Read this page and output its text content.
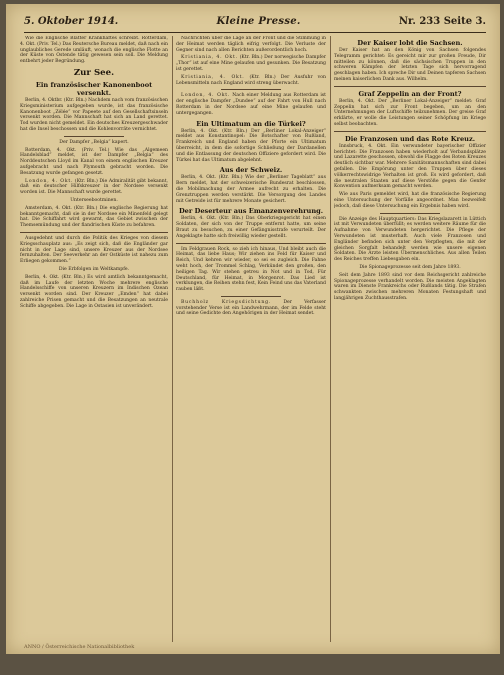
5. Oktober 1914.	Kleine Presse.	Nr. 233 Seite 3.

Wie die Englische Blätter Krankhaftes schreibt. Rotterdam, 4. Okt. (Priv. Tel.) Das Reutersche Bureau meldet, daß nach ein unglaubliches Gerede umläuft, wonach die englische Flotte an der Küste von Ostende tätig gewesen sein soll. Die Meldung entbehrt jeder Begründung.

Zur See.
Ein französischer Kanonenboot versenkt.

Berlin, 4. Oktbr. (Ktr. Bln.) Nachdem nach vom französischen Kriegsministerium aufgegeben wurde, ist das französische Kanonenboot „Zélée“ vor Papeete auf den Gesellschaftsinseln versenkt worden. Die Mannschaft hat sich an Land gerettet. Tod wurden nicht gemeldet. Ein deutsches Kreuzergeschwader hat die Insel beschossen und die Kohlenvorräte vernichtet.

Der Dampfer „Belgia“ kapert.

Rotterdam, 4. Okt. (Priv. Tel.) Wie das „Algemeen Handelsblad“ meldet, ist der Dampfer „Belgia“ des Norddeutschen Lloyd im Kanal von einem englischen Kreuzer aufgebracht und nach Plymouth gebracht worden. Die Besatzung wurde gefangen gesetzt.

London, 4. Okt. (Ktr. Bln.) Die Admiralität gibt bekannt, daß ein deutscher Hilfskreuzer in der Nordsee versenkt worden ist. Die Mannschaft wurde gerettet.

Unterseebootminen.

Amsterdam, 4. Okt. (Ktr. Bln.) Die englische Regierung hat bekanntgemacht, daß sie in der Nordsee ein Minenfeld gelegt hat. Die Schiffahrt wird gewarnt, das Gebiet zwischen der Themsemündung und der flandrischen Küste zu befahren.

Ausgedehnt und durch die Politik des Krieges von diesem Kriegsschauplatz aus: „Es zeigt sich, daß die Engländer gar nicht in der Lage sind, unsere Kreuzer aus der Nordsee fernzuhalten. Der Seeverkehr an der Ostküste ist nahezu zum Erliegen gekommen.“

Die Erbfolgen im Weltkampfe.

Berlin, 4. Okt. (Ktr. Bln.) Es wird amtlich bekanntgemacht, daß im Laufe der letzten Woche mehrere englische Handelsschiffe von unseren Kreuzern im Indischen Ozean versenkt worden sind. Der Kreuzer „Emden“ hat dabei zahlreiche Prisen gemacht und die Besatzungen an neutrale Schiffe abgegeben. Die Lage in Ostasien ist unverändert.

Nachrichten über die Lage an der Front und die Stimmung in der Heimat werden täglich eifrig verfolgt. Die Verluste der Gegner sind nach allen Berichten außerordentlich hoch.

Kristiania, 4. Okt. (Ktr. Bln.) Der norwegische Dampfer „Thor“ ist auf eine Mine gelaufen und gesunken. Die Besatzung ist gerettet.

Kristiania, 4. Okt. (Ktr. Bln.) Der Ausfuhr von Lebensmitteln nach England wird streng überwacht.

London, 4. Okt. Nach einer Meldung aus Rotterdam ist der englische Dampfer „Dundee“ auf der Fahrt von Hull nach Rotterdam in der Nordsee auf eine Mine gelaufen und untergegangen.

Ein Ultimatum an die Türkei?

Berlin, 4. Okt. (Ktr. Bln.) Der „Berliner Lokal-Anzeiger“ meldet aus Konstantinopel: Die Botschafter von Rußland, Frankreich und England haben der Pforte ein Ultimatum überreicht, in dem die sofortige Schließung der Dardanellen und die Entlassung der deutschen Offiziere gefordert wird. Die Türkei hat das Ultimatum abgelehnt.

Aus der Schweiz.

Berlin, 4. Okt. (Ktr. Bln.) Wie der „Berliner Tageblatt“ aus Bern meldet, hat der schweizerische Bundesrat beschlossen, die Mobilmachung der Armee aufrecht zu erhalten. Die Grenztruppen werden verstärkt. Die Versorgung des Landes mit Getreide ist für mehrere Monate gesichert.

Der Deserteur aus Emanzenverehrung.

Berlin, 4. Okt. (Ktr. Bln.) Das Oberkriegsgericht hat einen Soldaten, der sich von der Truppe entfernt hatte, um seine Braut zu besuchen, zu einer Gefängnisstrafe verurteilt. Der Angeklagte hatte sich freiwillig wieder gestellt.

Im Feldgrauen Rock, so zieh ich hinaus, Und bleibt auch die Heimat, das liebe Haus; Wir ziehen ins Feld für Kaiser und Reich, Und kehren wir wieder, so sei es zugleich. Die Fahne weht hoch, der Trommel Schlag, Verkündet den großen, den heiligen Tag. Wir stehen getreu in Not und in Tod, Für Deutschland, für Heimat, in Morgenrot. Das Lied ist verklungen, die Reihen stehn fest, Kein Feind uns das Vaterland rauben läßt.

Buchholz Kriegsdichtung.	Der Verfasser vorstehender Verse ist ein Landwehrmann, der im Felde steht und seine Gedichte den Angehörigen in der Heimat sendet.

Der Kaiser lobt die Sachsen.

Der Kaiser hat an den König von Sachsen folgendes Telegramm gerichtet: Es gereicht mir zur großen Freude, Dir mitteilen zu können, daß die sächsischen Truppen in den schweren Kämpfen der letzten Tage sich hervorragend geschlagen haben. Ich spreche Dir und Deinen tapferen Sachsen meinen kaiserlichen Dank aus. Wilhelm.

Graf Zeppelin an der Front?

Berlin, 4. Okt. Der „Berliner Lokal-Anzeiger“ meldet: Graf Zeppelin hat sich zur Front begeben, um an den Unternehmungen der Luftschiffe teilzunehmen. Der greise Graf erklärte, er wolle die Leistungen seiner Schöpfung im Kriege selbst beobachten.

Die Franzosen und das Rote Kreuz.

Innsbruck, 4. Okt. Ein verwundeter bayerischer Offizier berichtet: Die Franzosen haben wiederholt auf Verbandsplätze und Lazarette geschossen, obwohl die Flagge des Roten Kreuzes deutlich sichtbar war. Mehrere Sanitätsmannschaften sind dabei gefallen. Die Empörung unter den Truppen über dieses völkerrechtswidrige Verhalten ist groß. Es wird gefordert, daß die neutralen Staaten auf diese Verstöße gegen die Genfer Konvention aufmerksam gemacht werden.

Wie aus Paris gemeldet wird, hat die französische Regierung eine Untersuchung der Vorfälle angeordnet. Man bezweifelt jedoch, daß diese Untersuchung ein Ergebnis haben wird.

Die Anzeige des Hauptquartiers: Das Kriegslazarett in Lüttich ist mit Verwundeten überfüllt; es werden weitere Räume für die Aufnahme von Verwundeten hergerichtet. Die Pflege der Verwundeten ist musterhaft. Auch viele Franzosen und Engländer befinden sich unter den Verpflegten, die mit der gleichen Sorgfalt behandelt werden wie unsere eigenen Soldaten. Die Ärzte leisten Übermenschliches. Aus allen Teilen des Reiches treffen Liebesgaben ein.

Die Spionageprozesse seit dem Jahre 1893.

Seit dem Jahre 1893 sind vor dem Reichsgericht zahlreiche Spionageprozesse verhandelt worden. Die meisten Angeklagten waren im Dienste Frankreichs oder Rußlands tätig. Die Strafen schwankten zwischen mehreren Monaten Festungshaft und langjährigen Zuchthausstrafen.

ANNO / Österreichische Nationalbibliothek
